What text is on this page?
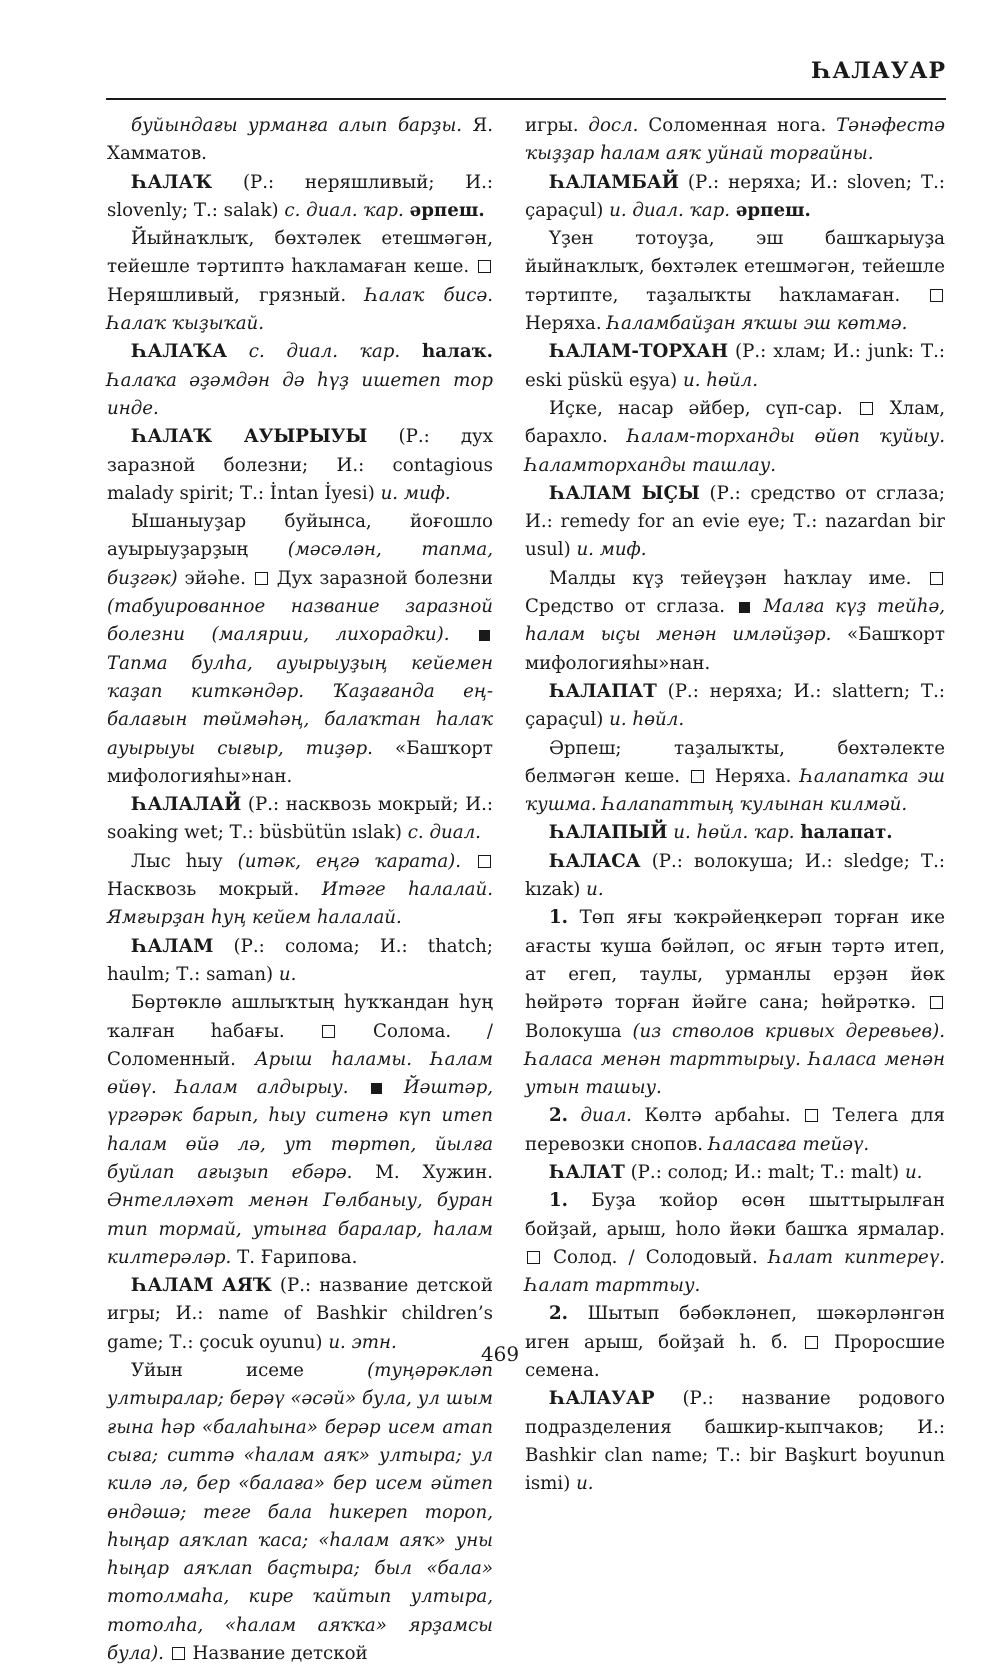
ҺАЛАУАР

буйындағы урманға алып барҙы. Я. Хамматов.

ҺАЛАҠ (Р.: неряшливый; И.: slovenly; Т.: salak) с. диал. ҡар. әрпеш.

Йыйнаҡлыҡ, бөхтәлек етешмәгән, тейешле тәртиптә һаҡламаған кеше.  Неряшливый, грязный. Һалаҡ бисә. Һалаҡ ҡыҙыҡай.

ҺАЛАҠА с. диал. ҡар. һалаҡ. Һалаҡа әҙәмдән дә һүҙ ишетеп тор инде.

ҺАЛАҠ АУЫРЫУЫ (Р.: дух заразной болезни; И.: contagious malady spirit; Т.: İntan İyesi) и. миф.

Ышаныуҙар буйынса, йоғошло ауырыуҙарҙың (мәсәлән, тапма, биҙгәк) эйәһе.  Дух заразной болезни (табуированное название заразной болезни (малярии, лихорадки).  Тапма булһа, ауырыуҙың кейемен ҡаҙап киткәндәр. Ҡаҙағанда ең-балағын төймәһәң, балаҡтан һалаҡ ауырыуы сығыр, тиҙәр. «Башҡорт мифологияһы»нан.

ҺАЛАЛАЙ (Р.: насквозь мокрый; И.: soaking wet; Т.: büsbütün ıslak) с. диал.

Лыс һыу (итәк, еңгә ҡарата).  Насквозь мокрый. Итәге һалалай. Ямғырҙан һуң кейем һалалай.

ҺАЛАМ (Р.: солома; И.: thatch; haulm; Т.: saman) и.

Бөртөклө ашлыҡтың һуҡҡандан һуң ҡалған һабағы.  Солома. / Соломенный. Арыш һаламы. Һалам өйөү. Һалам алдырыу.	Йәштәр, үргәрәк барып, һыу ситенә күп итеп һалам өйә лә, ут төртөп, йылға буйлап ағыҙып ебәрә. М. Хужин. Әнтелләхәт менән Гөлбаныу, буран тип тормай, утынға баралар, һалам килтерәләр. Т. Ғарипова.

ҺАЛАМ АЯҠ (Р.: название детской игры; И.: name of Bashkir children’s game; Т.: çocuk oyunu) и. этн.

Уйын исеме (туңәрәкләп ултыралар; берәү «әсәй» була, ул шым ғына һәр «балаһына» берәр исем атап сыға; ситтә «һалам аяҡ» ултыра; ул килә лә, бер «балаға» бер исем әйтеп өндәшә; теге бала һикереп тороп, һыңар аяҡлап ҡаса; «һалам аяҡ» уны һыңар аяҡлап баҫтыра; был «бала» тотолмаһа, кире ҡайтып ултыра, тотолһа, «һалам аяҡҡа» ярҙамсы була).  Название детской

игры. досл. Соломенная нога. Тәнәфестә ҡыҙҙар һалам аяҡ уйнай торғайны.

ҺАЛАМБАЙ (Р.: неряха; И.: sloven; Т.: çapaçul) и. диал. ҡар. әрпеш.

Үҙен тотоуҙа, эш башҡарыуҙа йыйнаҡлыҡ, бөхтәлек етешмәгән, тейешле тәртипте, таҙалыҡты һаҡламаған.  Неряха. Һаламбайҙан яҡшы эш көтмә.

ҺАЛАМ-ТОРХАН (Р.: хлам; И.: junk: Т.: eski püskü eşya) и. һөйл.

Иҫке, насар әйбер, сүп-сар.  Хлам, барахло. Һалам-торханды өйөп ҡуйыу. Һаламторханды ташлау.

ҺАЛАМ ЫҪЫ (Р.: средство от сглаза; И.: remedy for an evie eye; Т.: nazardan bir usul) и. миф.

Малды күҙ тейеүҙән һаҡлау име.  Средство от сглаза.  Малға күҙ тейһә, һалам ыҫы менән имләйҙәр. «Башҡорт мифологияһы»нан.

ҺАЛАПАТ (Р.: неряха; И.: slattern; Т.: çapaçul) и. һөйл.

Әрпеш; таҙалыҡты, бөхтәлекте белмәгән кеше.  Неряха. Һалапатка эш ҡушма. Һалапаттың ҡулынан килмәй.

ҺАЛАПЫЙ и. һөйл. ҡар. һалапат.

ҺАЛАСА (Р.: волокуша; И.: sledge; Т.: kızak) и.

1. Төп яғы ҡәкрәйеңкерәп торған ике ағасты ҡуша бәйләп, ос яғын тәртә итеп, ат егеп, таулы, урманлы ерҙән йөк һөйрәтә торған йәйге сана; һөйрәткә.  Волокуша (из стволов кривых деревьев). Һаласа менән тарттырыу. Һаласа менән утын ташыу.

2. диал. Көлтә арбаһы.  Телега для перевозки снопов. Һаласаға тейәү.

ҺАЛАТ (Р.: солод; И.: malt; Т.: malt) и.

1. Буҙа ҡойор өсөн шыттырылған бойҙай, арыш, һоло йәки башҡа ярмалар.  Солод. / Солодовый. Һалат киптереү. Һалат тарттыу.

2. Шытып бәбәкләнеп, шәкәрләнгән иген арыш, бойҙай һ. б.  Проросшие семена.

ҺАЛАУАР (Р.: название родового подразделения башкир-кыпчаков; И.: Bashkir clan name; Т.: bir Başkurt boyunun ismi) и.

469
